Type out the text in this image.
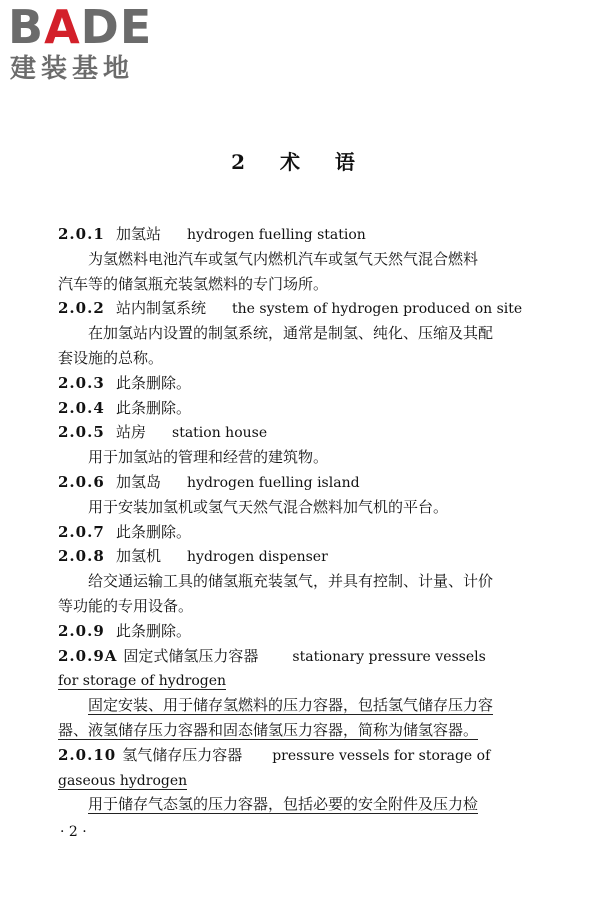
BADE
建装基地
2 术 语
2.0.1 加氢站 hydrogen fuelling station
为氢燃料电池汽车或氢气内燃机汽车或氢气天然气混合燃料
汽车等的储氢瓶充装氢燃料的专门场所。
2.0.2 站内制氢系统 the system of hydrogen produced on site
在加氢站内设置的制氢系统，通常是制氢、纯化、压缩及其配
套设施的总称。
2.0.3 此条删除。
2.0.4 此条删除。
2.0.5 站房 station house
用于加氢站的管理和经营的建筑物。
2.0.6 加氢岛 hydrogen fuelling island
用于安装加氢机或氢气天然气混合燃料加气机的平台。
2.0.7 此条删除。
2.0.8 加氢机 hydrogen dispenser
给交通运输工具的储氢瓶充装氢气，并具有控制、计量、计价
等功能的专用设备。
2.0.9 此条删除。
2.0.9A 固定式储氢压力容器 stationary pressure vessels
for storage of hydrogen
固定安装、用于储存氢燃料的压力容器，包括氢气储存压力容
器、液氢储存压力容器和固态储氢压力容器，简称为储氢容器。
2.0.10 氢气储存压力容器 pressure vessels for storage of
gaseous hydrogen
用于储存气态氢的压力容器，包括必要的安全附件及压力检
· 2 ·
